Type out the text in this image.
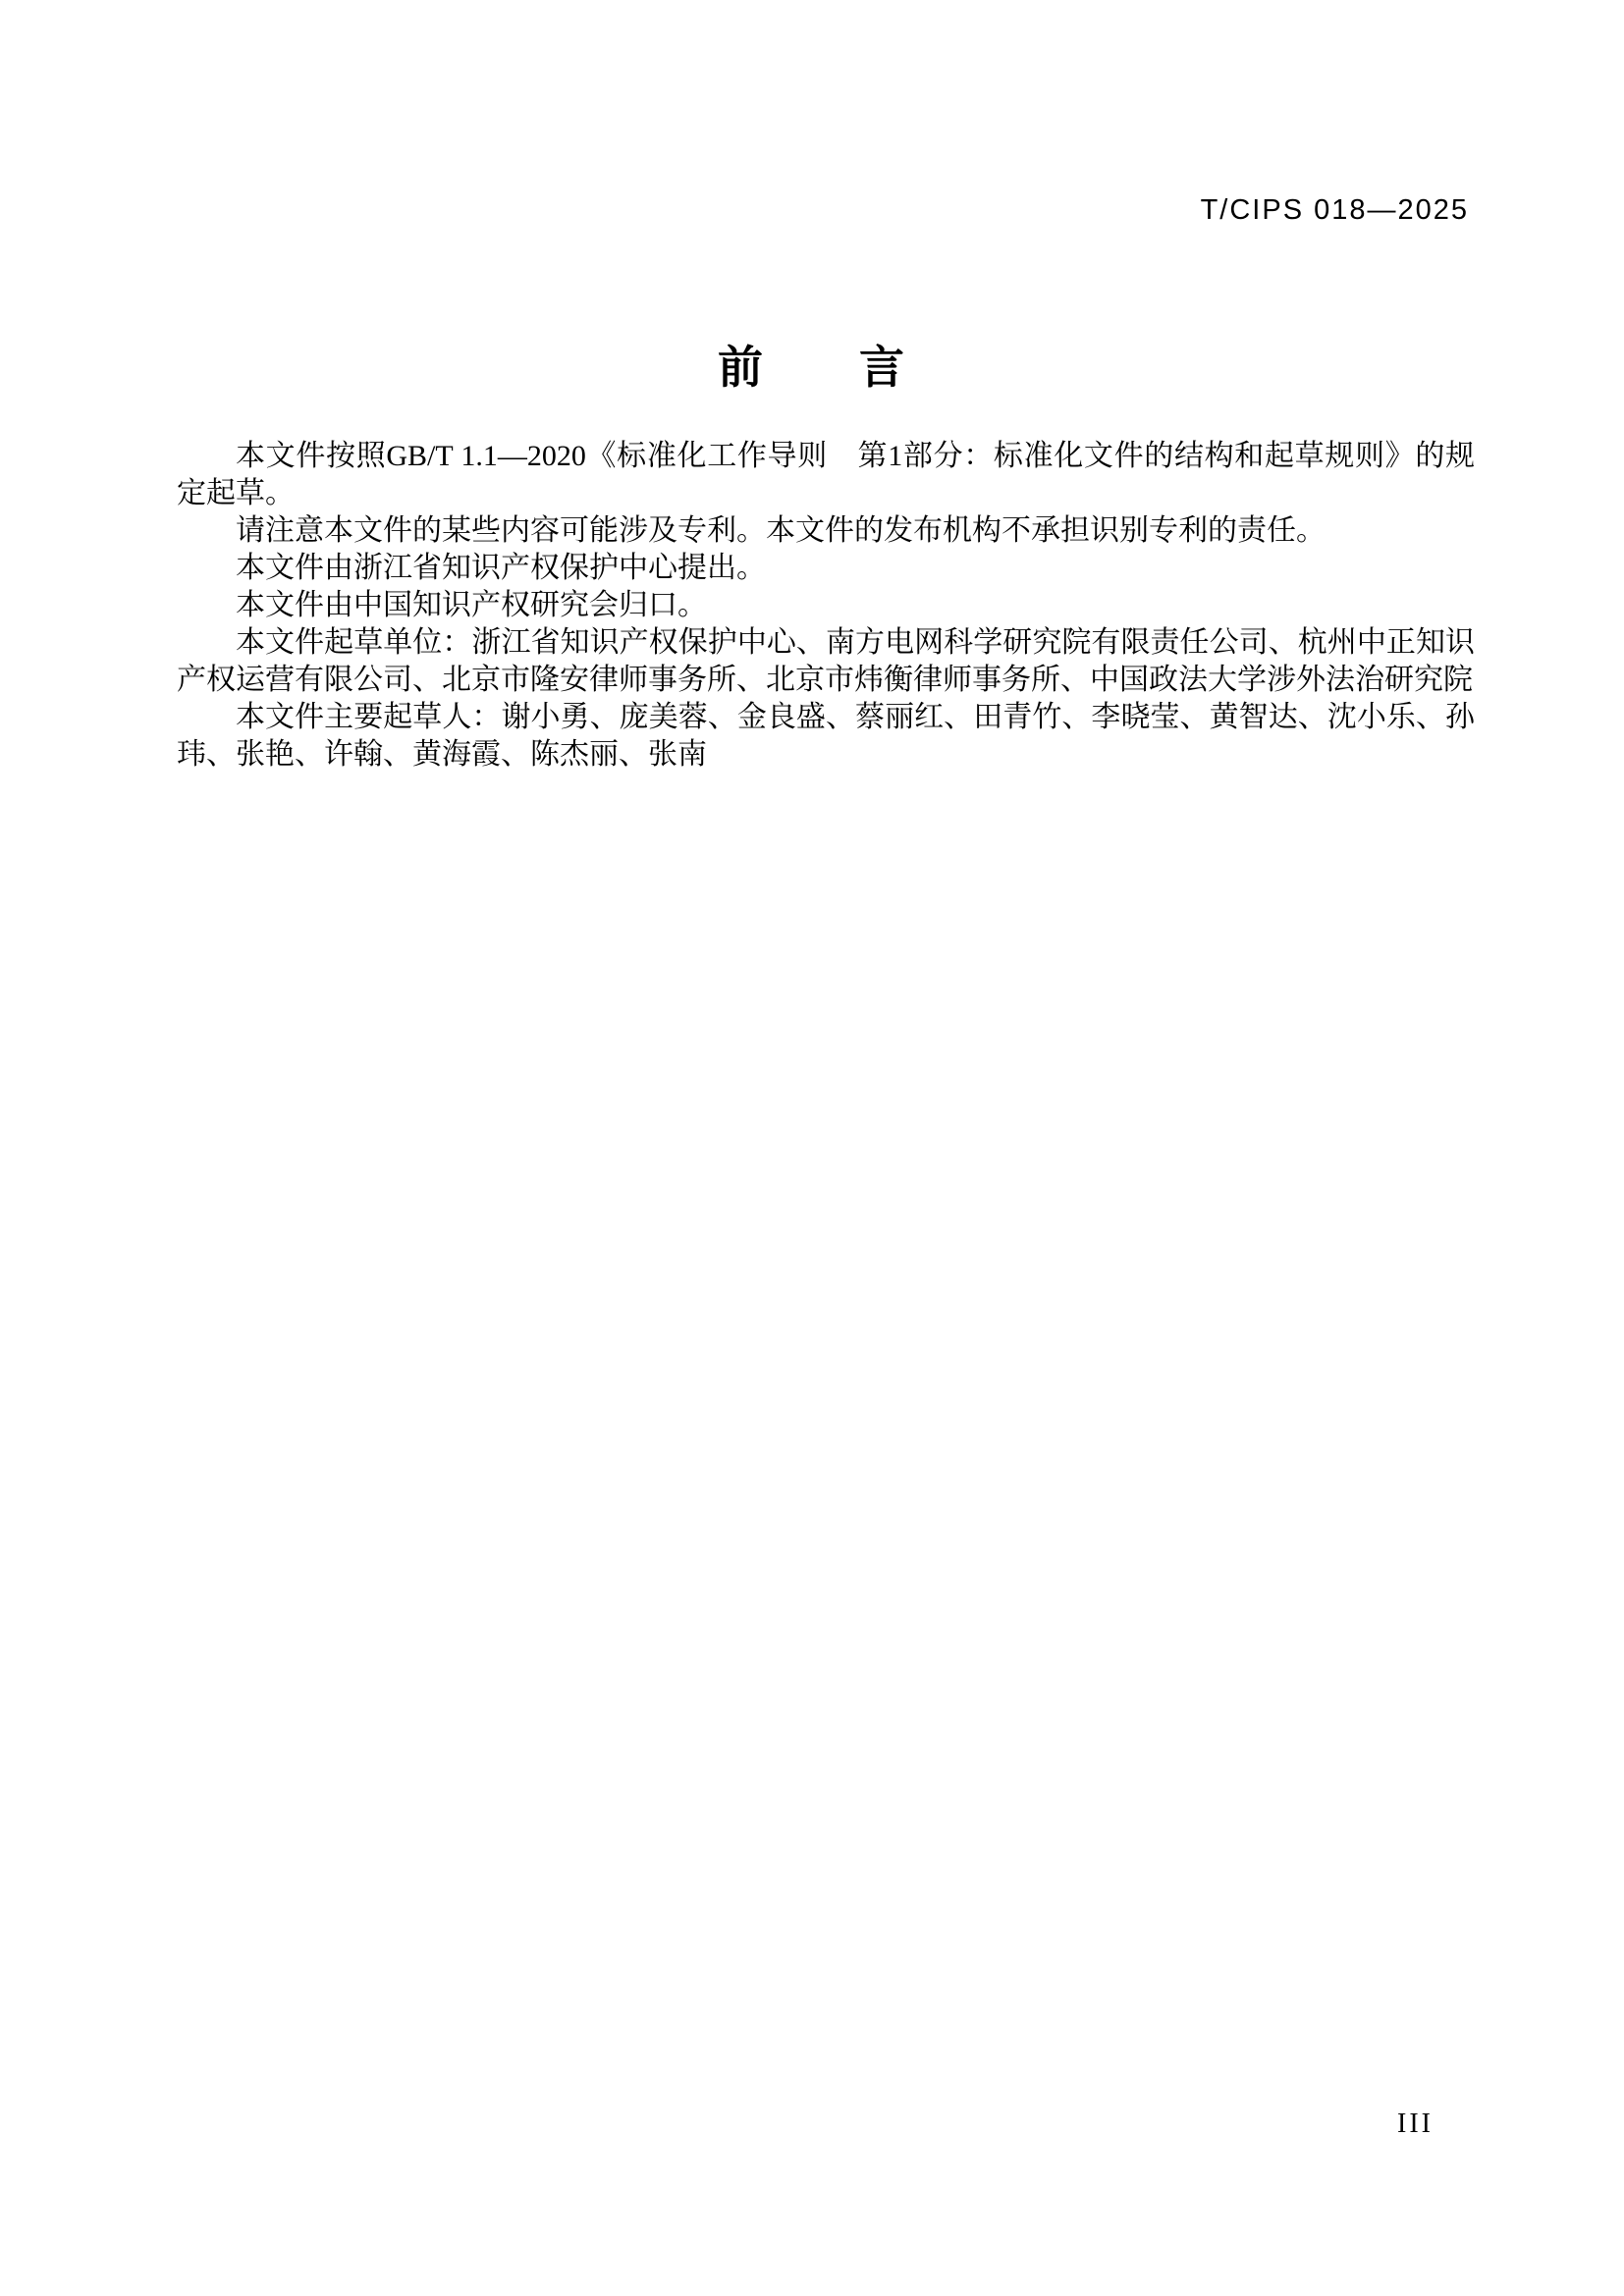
T/CIPS 018—2025
前　　言

本文件按照GB/T 1.1—2020《标准化工作导则　第1部分：标准化文件的结构和起草规则》的规定起草。

请注意本文件的某些内容可能涉及专利。本文件的发布机构不承担识别专利的责任。

本文件由浙江省知识产权保护中心提出。

本文件由中国知识产权研究会归口。

本文件起草单位：浙江省知识产权保护中心、南方电网科学研究院有限责任公司、杭州中正知识产权运营有限公司、北京市隆安律师事务所、北京市炜衡律师事务所、中国政法大学涉外法治研究院

本文件主要起草人：谢小勇、庞美蓉、金良盛、蔡丽红、田青竹、李晓莹、黄智达、沈小乐、孙玮、张艳、许翰、黄海霞、陈杰丽、张南

III
